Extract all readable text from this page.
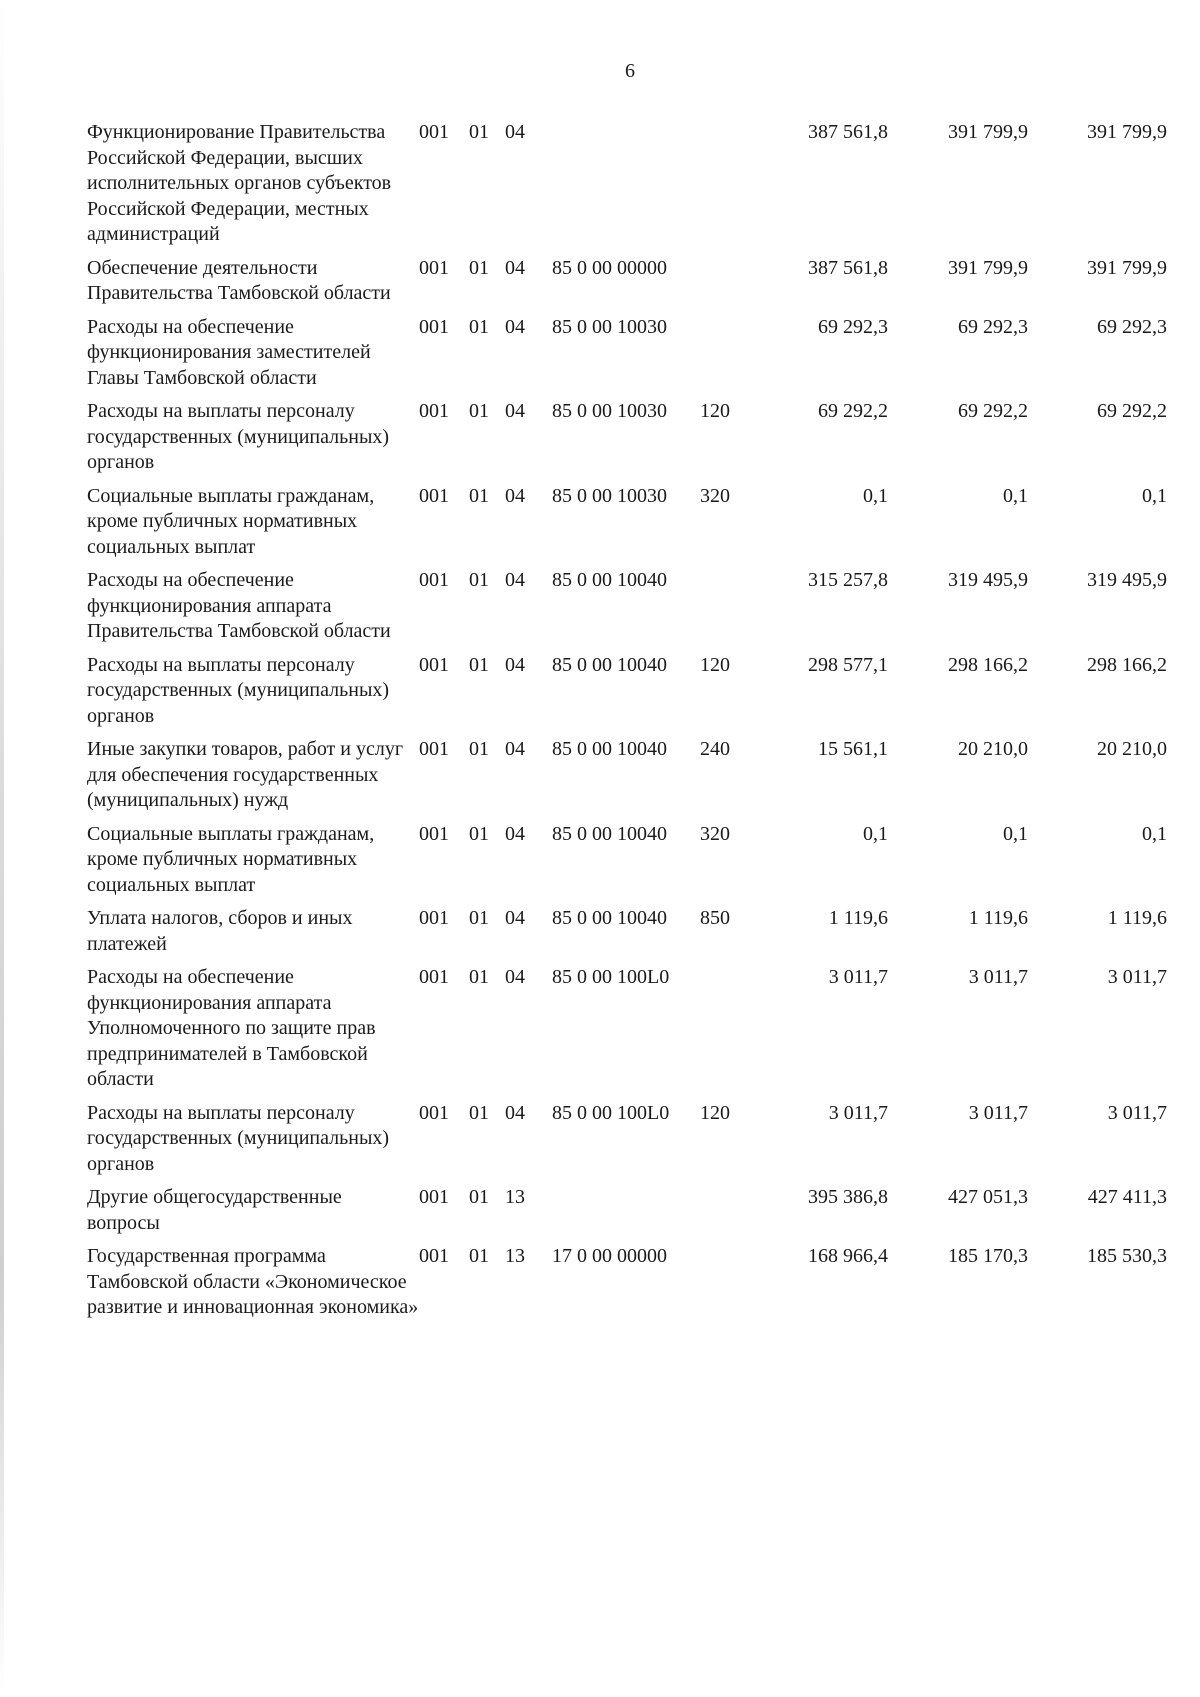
6
Функционирование Правительства Российской Федерации, высших исполнительных органов субъектов Российской Федерации, местных администраций
001	01 04	387 561,8	391 799,9	391 799,9
Обеспечение деятельности Правительства Тамбовской области
001	01 04	85 0 00 00000	387 561,8	391 799,9	391 799,9
Расходы на обеспечение функционирования заместителей Главы Тамбовской области
001	01 04	85 0 00 10030	69 292,3	69 292,3	69 292,3
Расходы на выплаты персоналу государственных (муниципальных) органов
001	01 04	85 0 00 10030	120	69 292,2	69 292,2	69 292,2
Социальные выплаты гражданам, кроме публичных нормативных социальных выплат
001	01 04	85 0 00 10030	320	0,1	0,1	0,1
Расходы на обеспечение функционирования аппарата Правительства Тамбовской области
001	01 04	85 0 00 10040	315 257,8	319 495,9	319 495,9
Расходы на выплаты персоналу государственных (муниципальных) органов
001	01 04	85 0 00 10040	120	298 577,1	298 166,2	298 166,2
Иные закупки товаров, работ и услуг для обеспечения государственных (муниципальных) нужд
001	01 04	85 0 00 10040	240	15 561,1	20 210,0	20 210,0
Социальные выплаты гражданам, кроме публичных нормативных социальных выплат
001	01 04	85 0 00 10040	320	0,1	0,1	0,1
Уплата налогов, сборов и иных платежей
001	01 04	85 0 00 10040	850	1 119,6	1 119,6	1 119,6
Расходы на обеспечение функционирования аппарата Уполномоченного по защите прав предпринимателей в Тамбовской области
001	01 04	85 0 00 100L0	3 011,7	3 011,7	3 011,7
Расходы на выплаты персоналу государственных (муниципальных) органов
001	01 04	85 0 00 100L0	120	3 011,7	3 011,7	3 011,7
Другие общегосударственные вопросы
001	01 13	395 386,8	427 051,3	427 411,3
Государственная программа Тамбовской области «Экономическое развитие и инновационная экономика»
001	01 13	17 0 00 00000	168 966,4	185 170,3	185 530,3
